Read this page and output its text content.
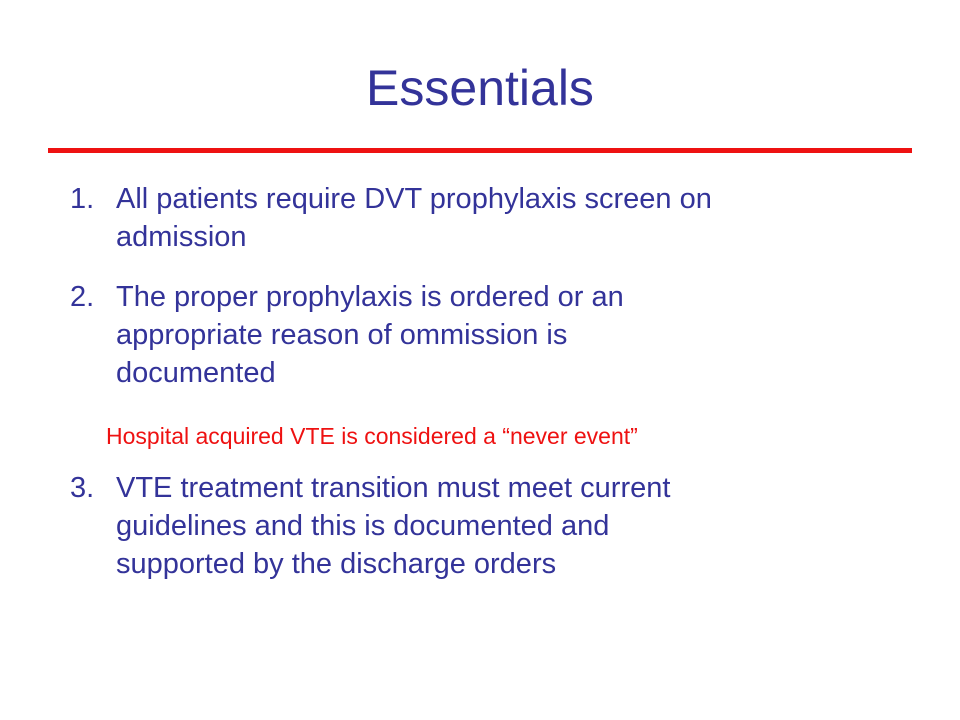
Essentials
1. All patients require DVT prophylaxis screen on
admission
2. The proper prophylaxis is ordered or an
appropriate reason of ommission is
documented
Hospital acquired VTE is considered a “never event”
3. VTE treatment transition must meet current
guidelines and this is documented and
supported by the discharge orders
